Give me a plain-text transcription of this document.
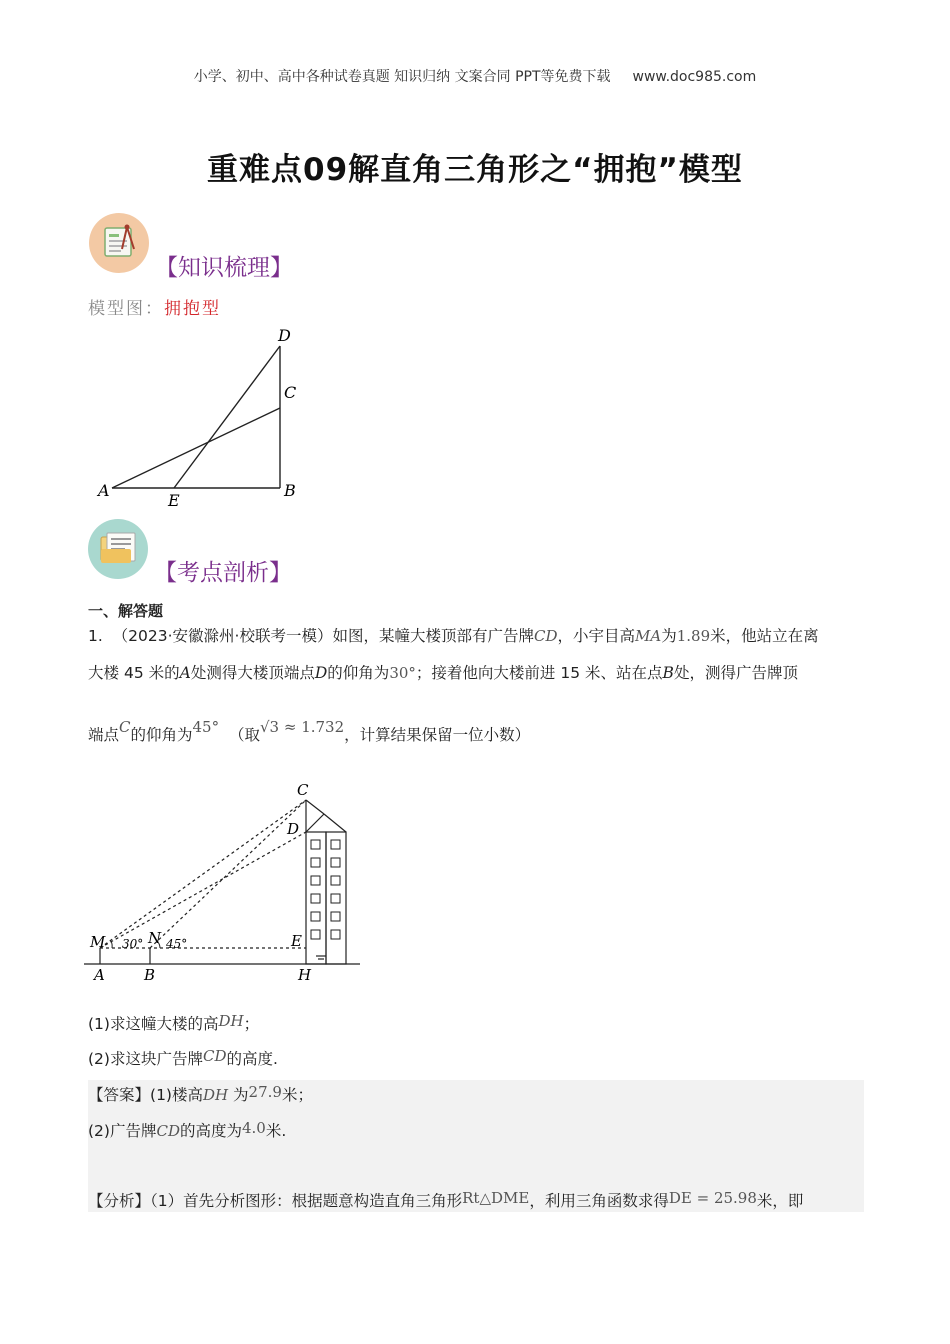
小学、初中、高中各种试卷真题 知识归纳 文案合同 PPT等免费下载 www.doc985.com
重难点09解直角三角形之“拥抱”模型
【知识梳理】
模型图：拥抱型
D
C
A
E
B
【考点剖析】
一、解答题
1. （2023·安徽滁州·校联考一模）如图，某幢大楼顶部有广告牌CD，小宇目高MA为1.89米，他站立在离
大楼 45 米的A处测得大楼顶端点D的仰角为30°；接着他向大楼前进 15 米、站在点B处，测得广告牌顶
端点C的仰角为45° （取√3 ≈ 1.732，计算结果保留一位小数）
C
D
M	N
30° 45°	E
A	B	H
(1)求这幢大楼的高DH；
(2)求这块广告牌CD的高度.
【答案】(1)楼高DH 为27.9米；
(2)广告牌CD的高度为4.0米.
【分析】（1）首先分析图形：根据题意构造直角三角形Rt△DME，利用三角函数求得DE = 25.98米，即
